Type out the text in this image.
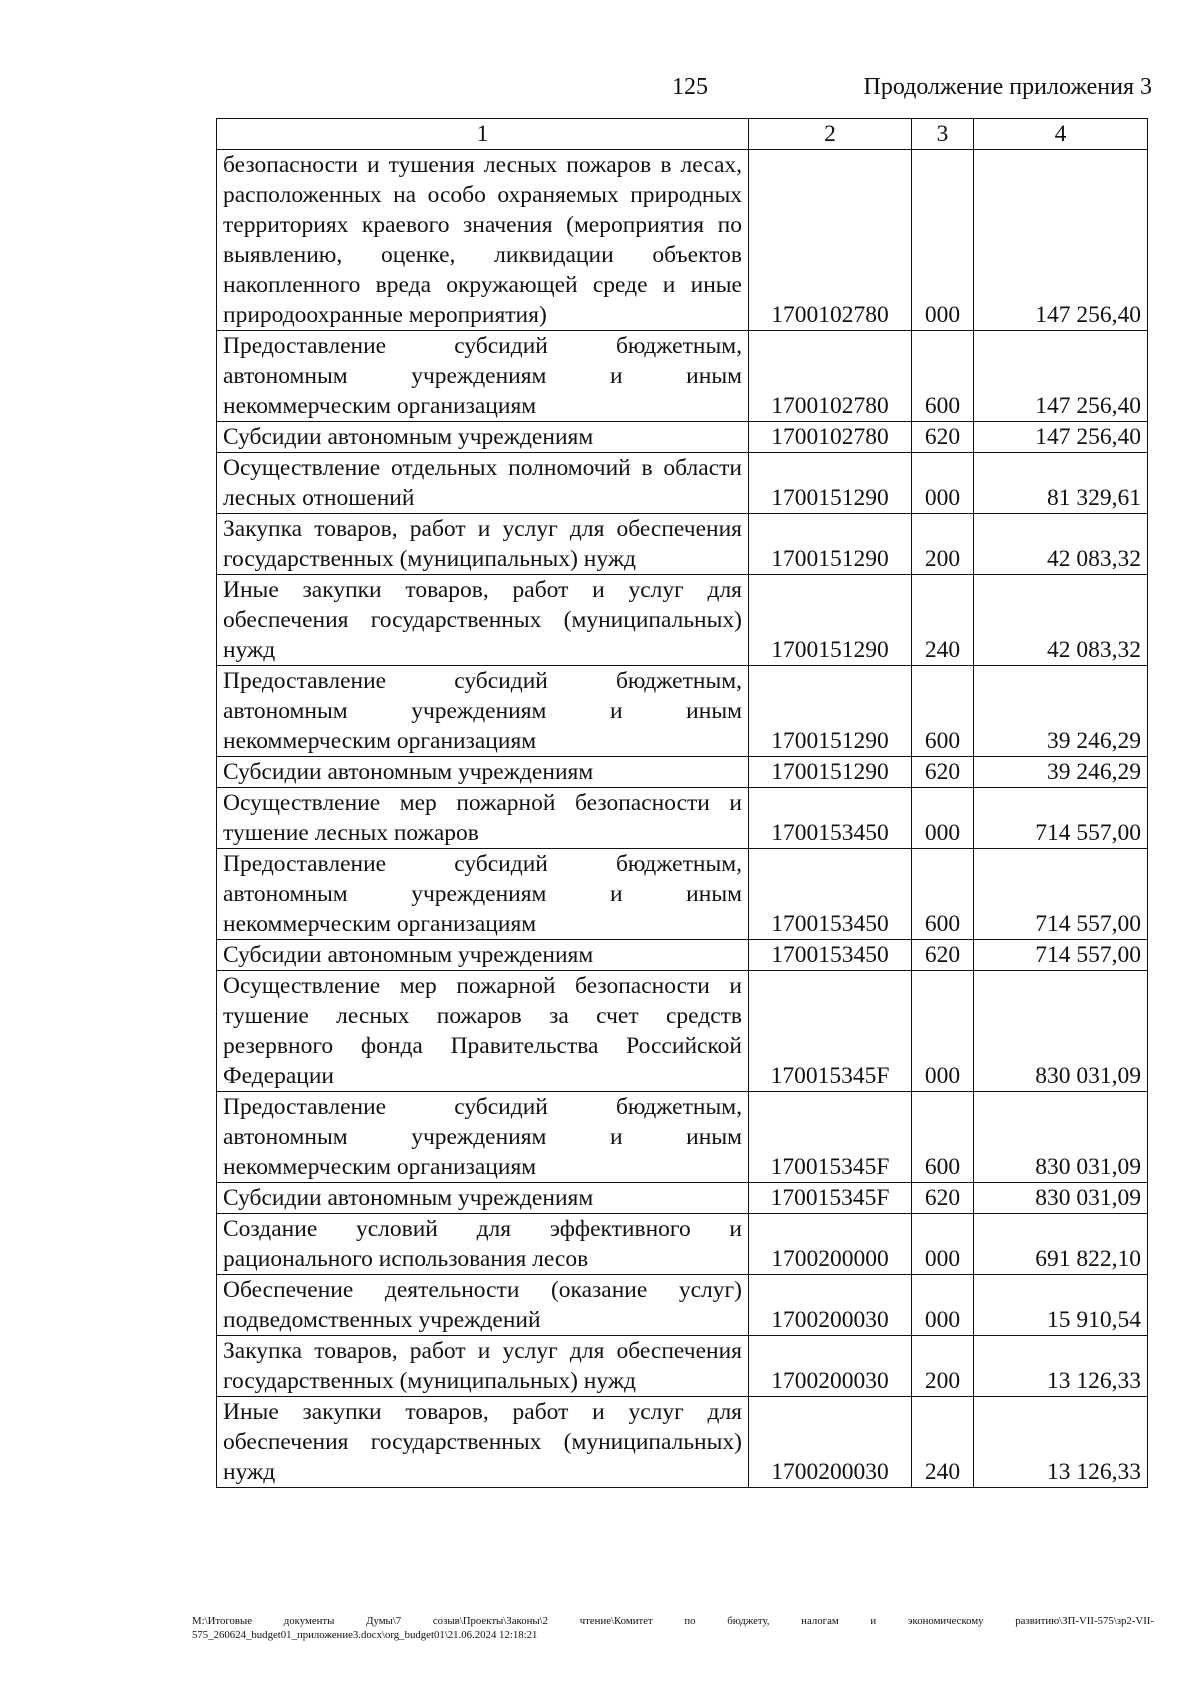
125	Продолжение приложения 3
1	2	3	4
безопасности и тушения лесных пожаров в лесах, расположенных на особо охраняемых природных территориях краевого значения (мероприятия по выявлению, оценке, ликвидации объектов накопленного вреда окружающей среде и иные природоохранные мероприятия)	1700102780	000	147 256,40
Предоставление субсидий бюджетным, автономным учреждениям и иным некоммерческим организациям	1700102780	600	147 256,40
Субсидии автономным учреждениям	1700102780	620	147 256,40
Осуществление отдельных полномочий в области лесных отношений	1700151290	000	81 329,61
Закупка товаров, работ и услуг для обеспечения государственных (муниципальных) нужд	1700151290	200	42 083,32
Иные закупки товаров, работ и услуг для обеспечения государственных (муниципальных) нужд	1700151290	240	42 083,32
Предоставление субсидий бюджетным, автономным учреждениям и иным некоммерческим организациям	1700151290	600	39 246,29
Субсидии автономным учреждениям	1700151290	620	39 246,29
Осуществление мер пожарной безопасности и тушение лесных пожаров	1700153450	000	714 557,00
Предоставление субсидий бюджетным, автономным учреждениям и иным некоммерческим организациям	1700153450	600	714 557,00
Субсидии автономным учреждениям	1700153450	620	714 557,00
Осуществление мер пожарной безопасности и тушение лесных пожаров за счет средств резервного фонда Правительства Российской Федерации	170015345F	000	830 031,09
Предоставление субсидий бюджетным, автономным учреждениям и иным некоммерческим организациям	170015345F	600	830 031,09
Субсидии автономным учреждениям	170015345F	620	830 031,09
Создание условий для эффективного и рационального использования лесов	1700200000	000	691 822,10
Обеспечение деятельности (оказание услуг) подведомственных учреждений	1700200030	000	15 910,54
Закупка товаров, работ и услуг для обеспечения государственных (муниципальных) нужд	1700200030	200	13 126,33
Иные закупки товаров, работ и услуг для обеспечения государственных (муниципальных) нужд	1700200030	240	13 126,33
М:\Итоговые документы Думы\7 созыв\Проекты\Законы\2 чтение\Комитет по бюджету, налогам и экономическому развитию\ЗП-VII-575\зр2-VII-575_260624_budget01_приложение3.docx\org_budget01\21.06.2024 12:18:21
